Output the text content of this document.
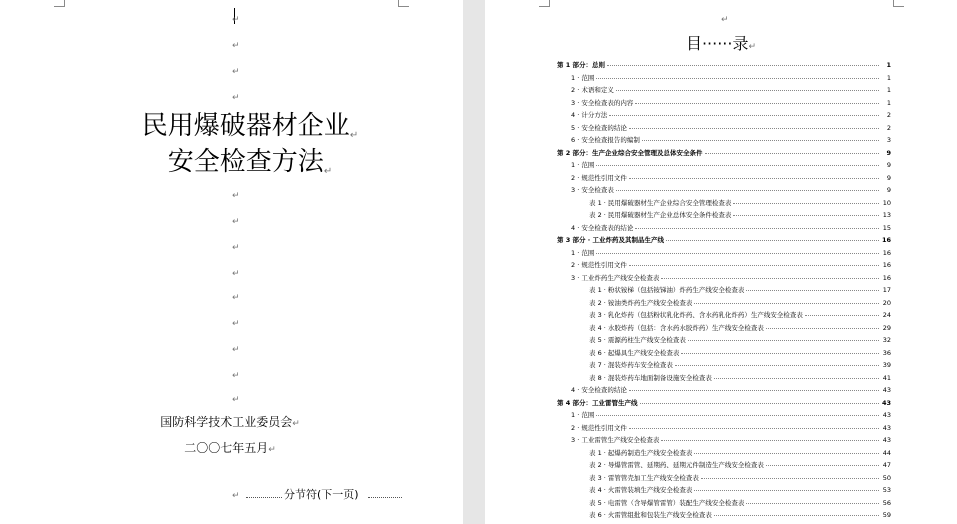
↵
↵
↵
↵
民用爆破器材企业↵
安全检查方法↵
↵
↵
↵
↵
↵
↵
↵
↵
↵
国防科学技术工业委员会↵
二〇〇七年五月↵
↵	分节符(下一页)
↵
目······录↵
第 1 部分：总则	1
1 · 范围	1
2 · 术语和定义	1
3 · 安全检查表的内容	1
4 · 计分方法	2
5 · 安全检查的结论	2
6 · 安全检查报告的编制	3
第 2 部分：生产企业综合安全管理及总体安全条件	9
1 · 范围	9
2 · 规范性引用文件	9
3 · 安全检查表	9
表 1 · 民用爆破器材生产企业综合安全管理检查表	10
表 2 · 民用爆破器材生产企业总体安全条件检查表	13
4 · 安全检查表的结论	15
第 3 部分 · 工业炸药及其制品生产线	16
1 · 范围	16
2 · 规范性引用文件	16
3 · 工业炸药生产线安全检查表	16
表 1 · 粉状铵梯（包括铵锑油）炸药生产线安全检查表	17
表 2 · 铵油类炸药生产线安全检查表	20
表 3 · 乳化炸药（包括粉状乳化炸药、含水药乳化炸药）生产线安全检查表	24
表 4 · 水胶炸药（包括：含水药水胶炸药）生产线安全检查表	29
表 5 · 震源药柱生产线安全检查表	32
表 6 · 起爆具生产线安全检查表	36
表 7 · 混装炸药车安全检查表	39
表 8 · 混装炸药车地面制备设施安全检查表	41
4 · 安全检查的结论	43
第 4 部分：工业雷管生产线	43
1 · 范围	43
2 · 规范性引用文件	43
3 · 工业雷管生产线安全检查表	43
表 1 · 起爆药制造生产线安全检查表	44
表 2 · 导爆管雷管、延期药、延期元件制造生产线安全检查表	47
表 3 · 雷管管壳加工生产线安全检查表	50
表 4 · 火雷管装填生产线安全检查表	53
表 5 · 电雷管（含导爆管雷管）装配生产线安全检查表	56
表 6 · 火雷管组批和包装生产线安全检查表	59
